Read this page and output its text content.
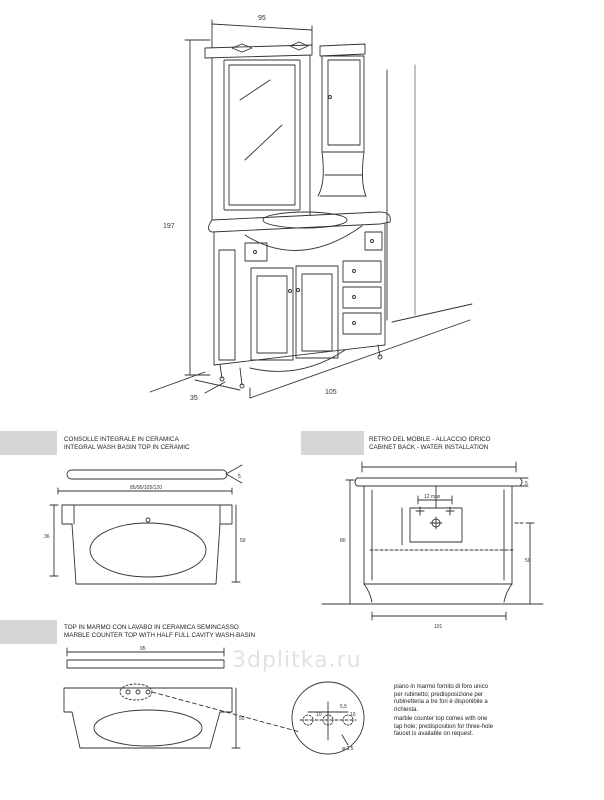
95
197
35
105
5
85/95/105/120
36
50
5
12 max
80
50
101
95
50
10	10
5,5
ø 3,5
CONSOLLE INTEGRALE IN CERAMICA
INTEGRAL WASH BASIN TOP IN CERAMIC
RETRO DEL MOBILE - ALLACCIO IDRICO
CABINET BACK - WATER INSTALLATION
TOP IN MARMO CON LAVABO IN CERAMICA SEMINCASSO
MARBLE COUNTER TOP WITH HALF FULL CAVITY WASH-BASIN
piano in marmo fornito di foro unico
per rubinetto; predisposizione per
rubinetteria a tre fori è disponibile a
richiesta.
marble counter top comes with one
tap hole; predisposition for three-hole
faucet is available on request.
3dplitka.ru
